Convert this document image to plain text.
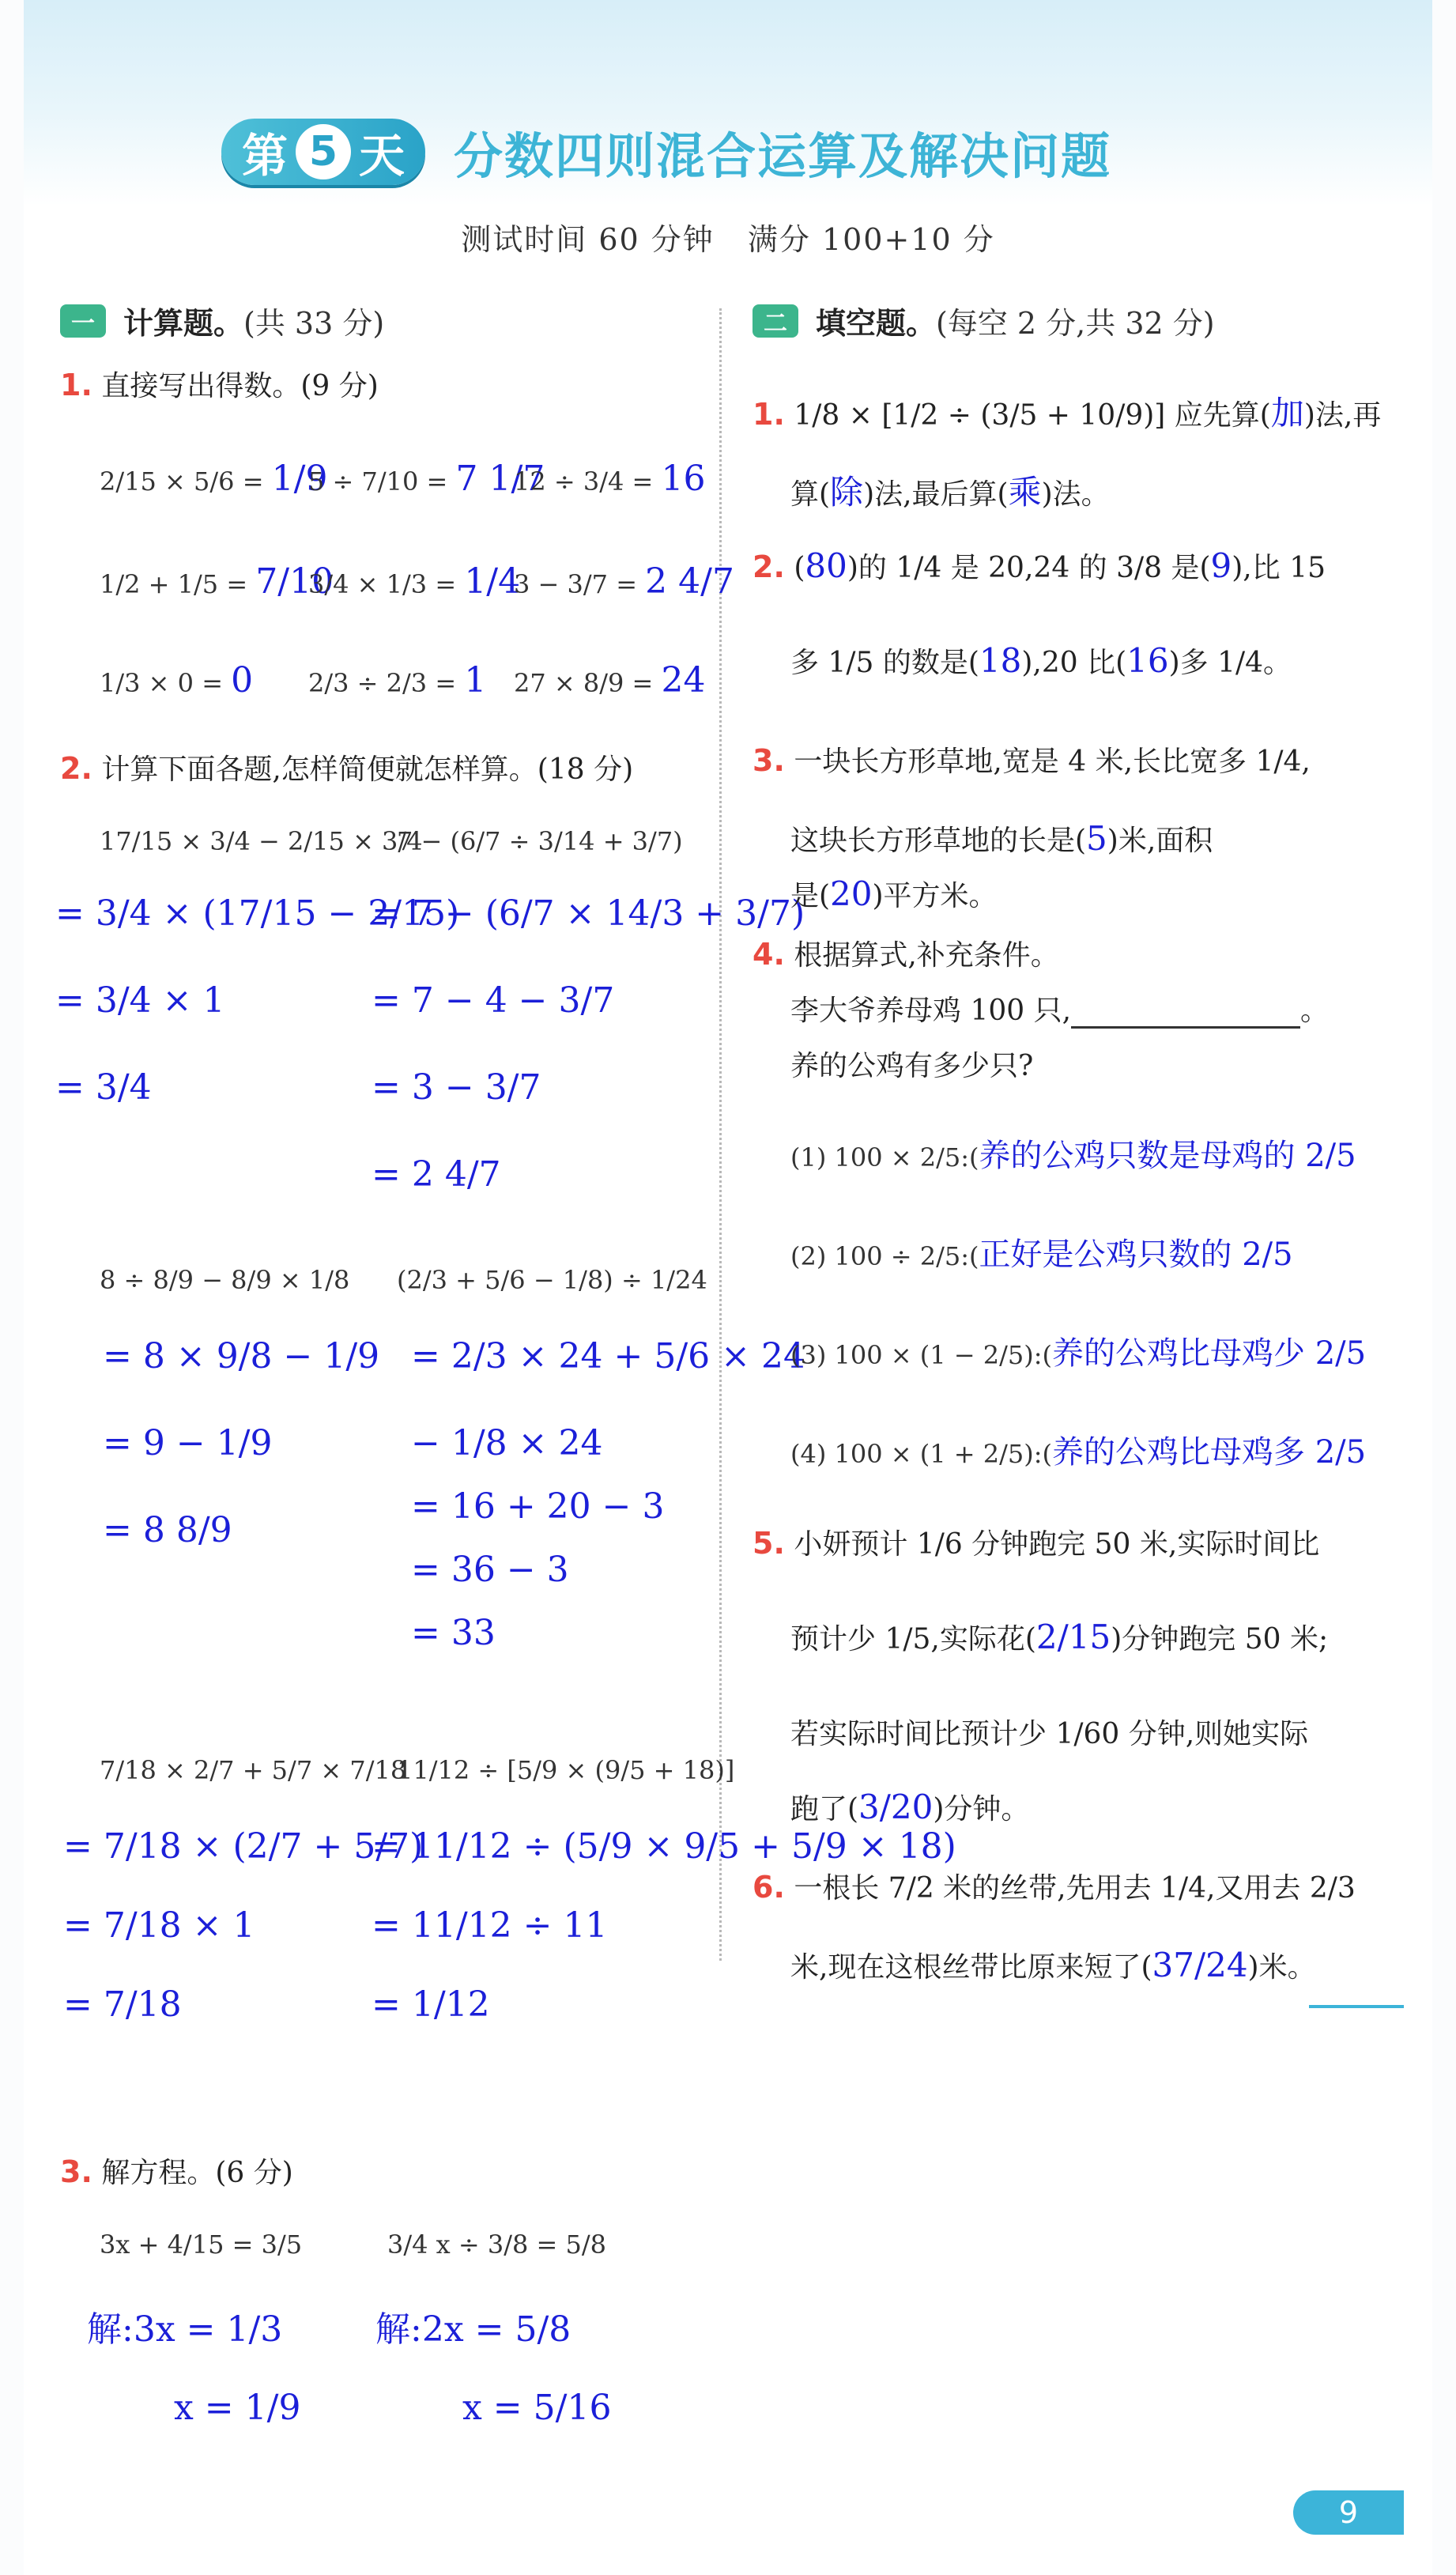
第 5 天 分数四则混合运算及解决问题
测试时间 60 分钟 满分 100+10 分
一 计算题。 (共 33 分)
1. 直接写出得数。(9 分)
2/15 × 5/6 = 1/9
5 ÷ 7/10 = 7 1/7
12 ÷ 3/4 = 16
1/2 + 1/5 = 7/10
3/4 × 1/3 = 1/4
3 − 3/7 = 2 4/7
1/3 × 0 = 0 2/3 ÷ 2/3 = 1 27 × 8/9 = 24
2. 计算下面各题,怎样简便就怎样算。(18 分)
17/15 × 3/4 − 2/15 × 3/4
= 3/4 × (17/15 − 2/15)
= 3/4 × 1
= 3/4
7 − (6/7 ÷ 3/14 + 3/7)
= 7 − (6/7 × 14/3 + 3/7)
= 7 − 4 − 3/7
= 3 − 3/7
= 2 4/7
8 ÷ 8/9 − 8/9 × 1/8
= 8 × 9/8 − 1/9
= 9 − 1/9
= 8 8/9
(2/3 + 5/6 − 1/8) ÷ 1/24
= 2/3 × 24 + 5/6 × 24
− 1/8 × 24
= 16 + 20 − 3
= 36 − 3
= 33
7/18 × 2/7 + 5/7 × 7/18
= 7/18 × (2/7 + 5/7)
= 7/18 × 1
= 7/18
11/12 ÷ [5/9 × (9/5 + 18)]
= 11/12 ÷ (5/9 × 9/5 + 5/9 × 18)
= 11/12 ÷ 11
= 1/12
3. 解方程。(6 分)
3x + 4/15 = 3/5
解:3x = 1/3
x = 1/9
3/4 x ÷ 3/8 = 5/8
解:2x = 5/8
x = 5/16
二 填空题。 (每空 2 分,共 32 分)
1. 1/8 × [1/2 ÷ (3/5 + 10/9)] 应先算(加)法,再
算(除)法,最后算(乘)法。
2. (80)的 1/4 是 20,24 的 3/8 是(9),比 15
多 1/5 的数是(18),20 比(16)多 1/4。
3. 一块长方形草地,宽是 4 米,长比宽多 1/4,
这块长方形草地的长是(5)米,面积
是(20)平方米。
4. 根据算式,补充条件。
李大爷养母鸡 100 只,	。
养的公鸡有多少只?
(1) 100 × 2/5:(养的公鸡只数是母鸡的 2/5
(2) 100 ÷ 2/5:(正好是公鸡只数的 2/5
(3) 100 × (1 − 2/5):(养的公鸡比母鸡少 2/5
(4) 100 × (1 + 2/5):(养的公鸡比母鸡多 2/5
5. 小妍预计 1/6 分钟跑完 50 米,实际时间比
预计少 1/5,实际花(2/15)分钟跑完 50 米;
若实际时间比预计少 1/60 分钟,则她实际
跑了(3/20)分钟。
6. 一根长 7/2 米的丝带,先用去 1/4,又用去 2/3
米,现在这根丝带比原来短了(37/24)米。
9
